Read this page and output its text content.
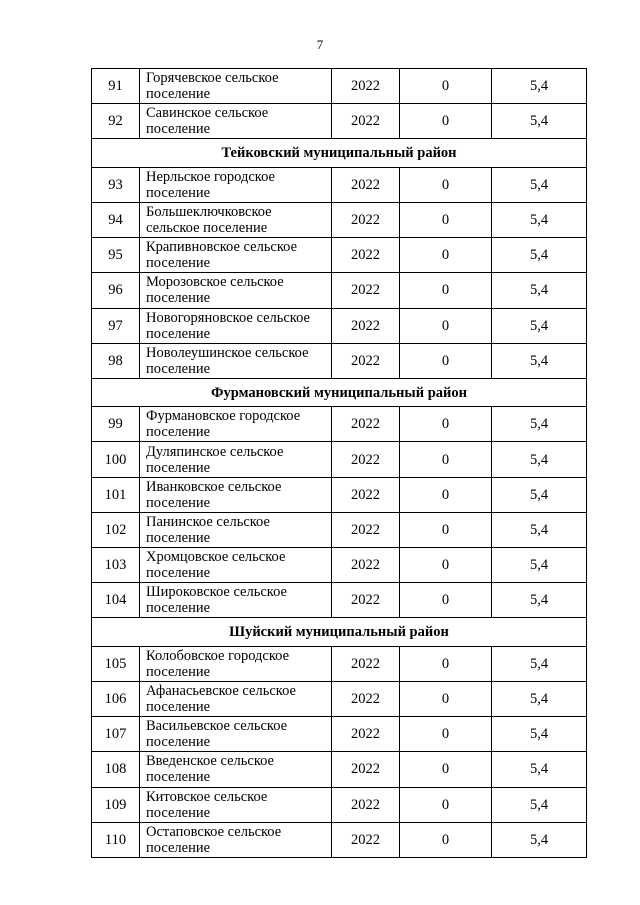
7
91	Горячевское сельское
поселение	2022	0	5,4
92	Савинское сельское
поселение	2022	0	5,4
Тейковский муниципальный район				
93	Нерльское городское
поселение	2022	0	5,4
94	Большеключковское
сельское поселение	2022	0	5,4
95	Крапивновское сельское
поселение	2022	0	5,4
96	Морозовское сельское
поселение	2022	0	5,4
97	Новогоряновское сельское
поселение	2022	0	5,4
98	Новолеушинское сельское
поселение	2022	0	5,4
Фурмановский муниципальный район				
99	Фурмановское городское
поселение	2022	0	5,4
100	Дуляпинское сельское
поселение	2022	0	5,4
101	Иванковское сельское
поселение	2022	0	5,4
102	Панинское сельское
поселение	2022	0	5,4
103	Хромцовское сельское
поселение	2022	0	5,4
104	Широковское сельское
поселение	2022	0	5,4
Шуйский муниципальный район				
105	Колобовское городское
поселение	2022	0	5,4
106	Афанасьевское сельское
поселение	2022	0	5,4
107	Васильевское сельское
поселение	2022	0	5,4
108	Введенское сельское
поселение	2022	0	5,4
109	Китовское сельское
поселение	2022	0	5,4
110	Остаповское сельское
поселение	2022	0	5,4
